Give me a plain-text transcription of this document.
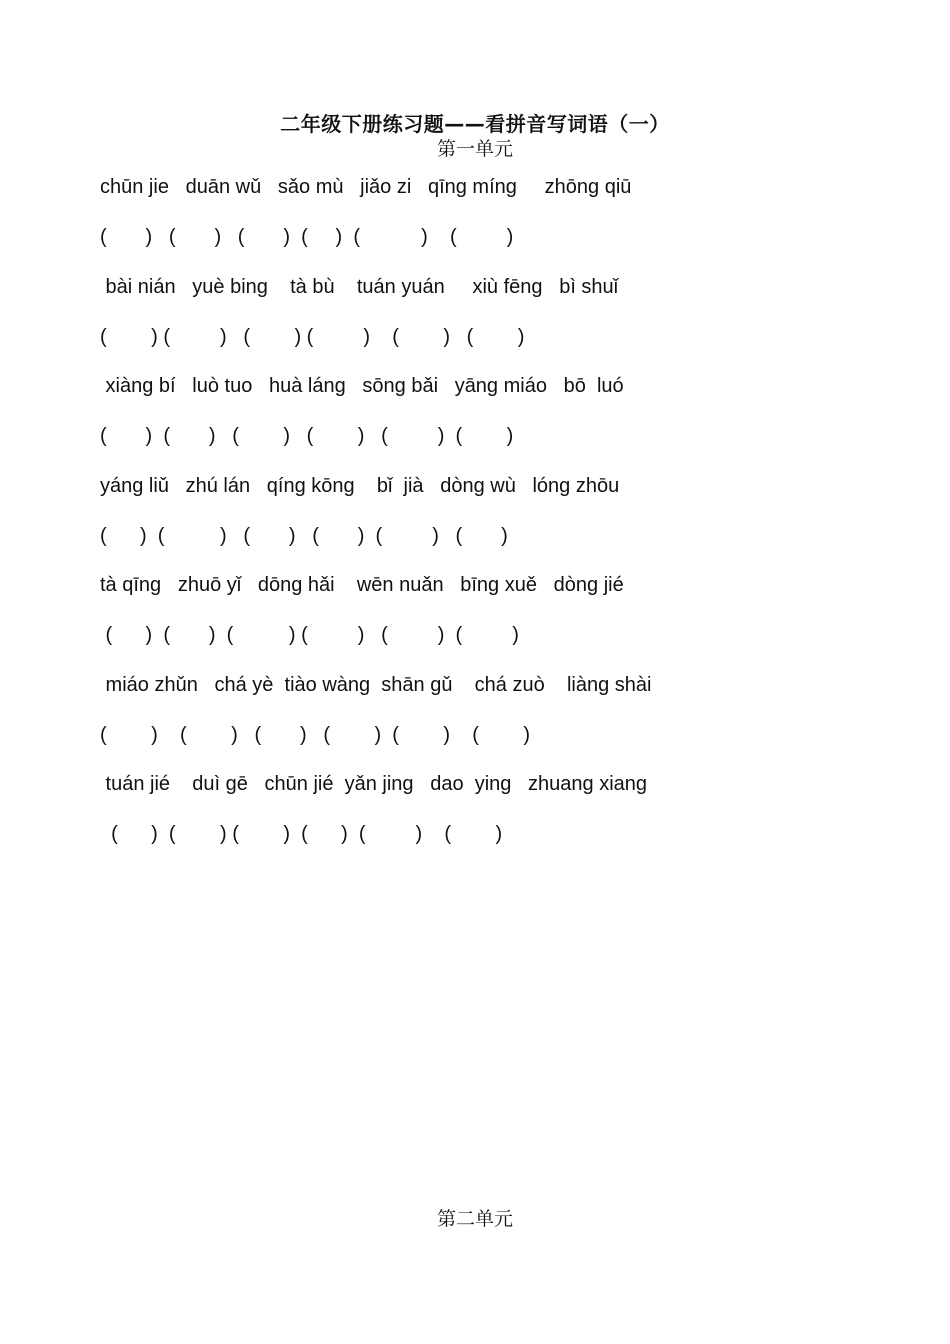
二年级下册练习题——看拼音写词语（一）
第一单元
chūn jie   duān wǔ   sǎo mù   jiǎo zi   qīng míng     zhōng qiū
(       )   (       )   (       )  (     )  (           )    (         )
bài nián   yuè bing    tà bù    tuán yuán     xiù fēng   bì shuǐ
(        ) (         )   (        ) (         )    (        )   (        )
xiàng bí   luò tuo   huà láng   sōng bǎi   yāng miáo   bō  luó
(       )  (       )   (        )   (        )   (         )  (        )
yáng liǔ   zhú lán   qíng kōng    bǐ  jià   dòng wù   lóng zhōu
(      )  (          )   (       )   (       )  (         )   (       )
tà qīng   zhuō yǐ   dōng hǎi    wēn nuǎn   bīng xuě   dòng jié
(      )  (       )  (          ) (         )   (         )  (         )
miáo zhǔn   chá yè  tiào wàng  shān gǔ    chá zuò    liàng shài
(        )    (        )   (       )   (        )  (        )    (        )
tuán jié    duì gē   chūn jié  yǎn jing   dao  ying   zhuang xiang
(      )  (        ) (        )  (      )  (         )    (        )
第二单元
